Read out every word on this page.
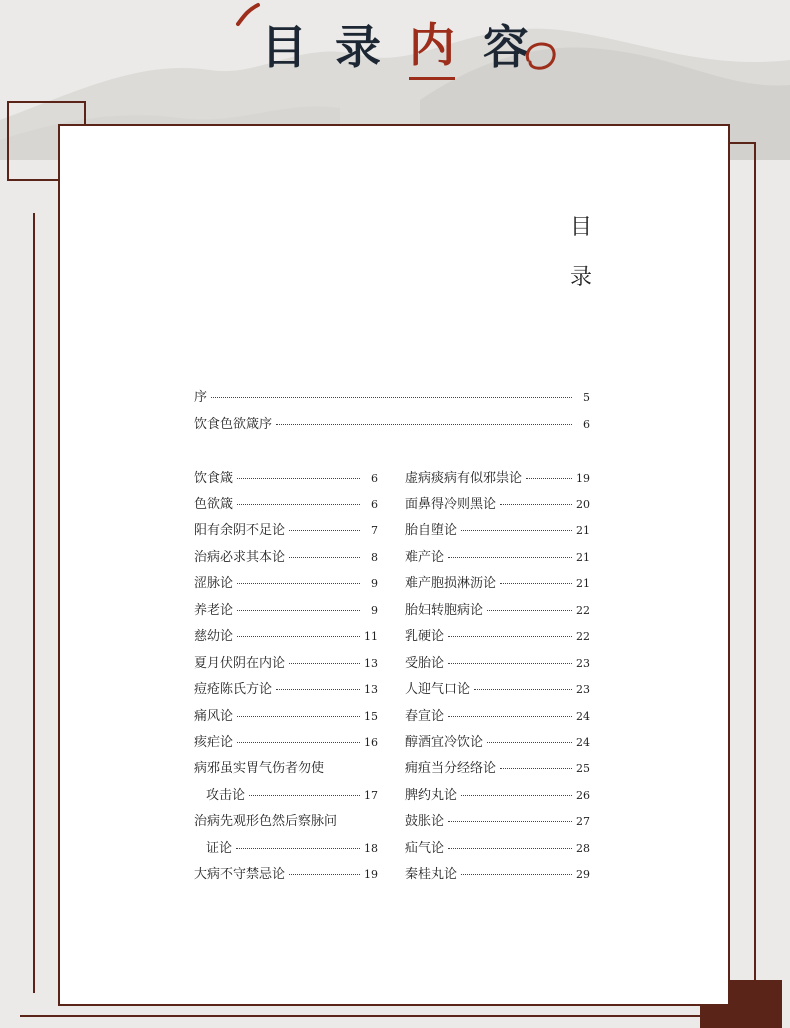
目 录 内 容
目
录
序	5
饮食色欲箴序	6
饮食箴	6
色欲箴	6
阳有余阴不足论	7
治病必求其本论	8
涩脉论	9
养老论	9
慈幼论	11
夏月伏阴在内论	13
痘疮陈氏方论	13
痛风论	15
痎疟论	16
病邪虽实胃气伤者勿使
攻击论	17
治病先观形色然后察脉问
证论	18
大病不守禁忌论	19
虚病痰病有似邪祟论	19
面鼻得冷则黑论	20
胎自堕论	21
难产论	21
难产胞损淋沥论	21
胎妇转胞病论	22
乳硬论	22
受胎论	23
人迎气口论	23
春宣论	24
醇酒宜冷饮论	24
痈疽当分经络论	25
脾约丸论	26
鼓胀论	27
疝气论	28
秦桂丸论	29
